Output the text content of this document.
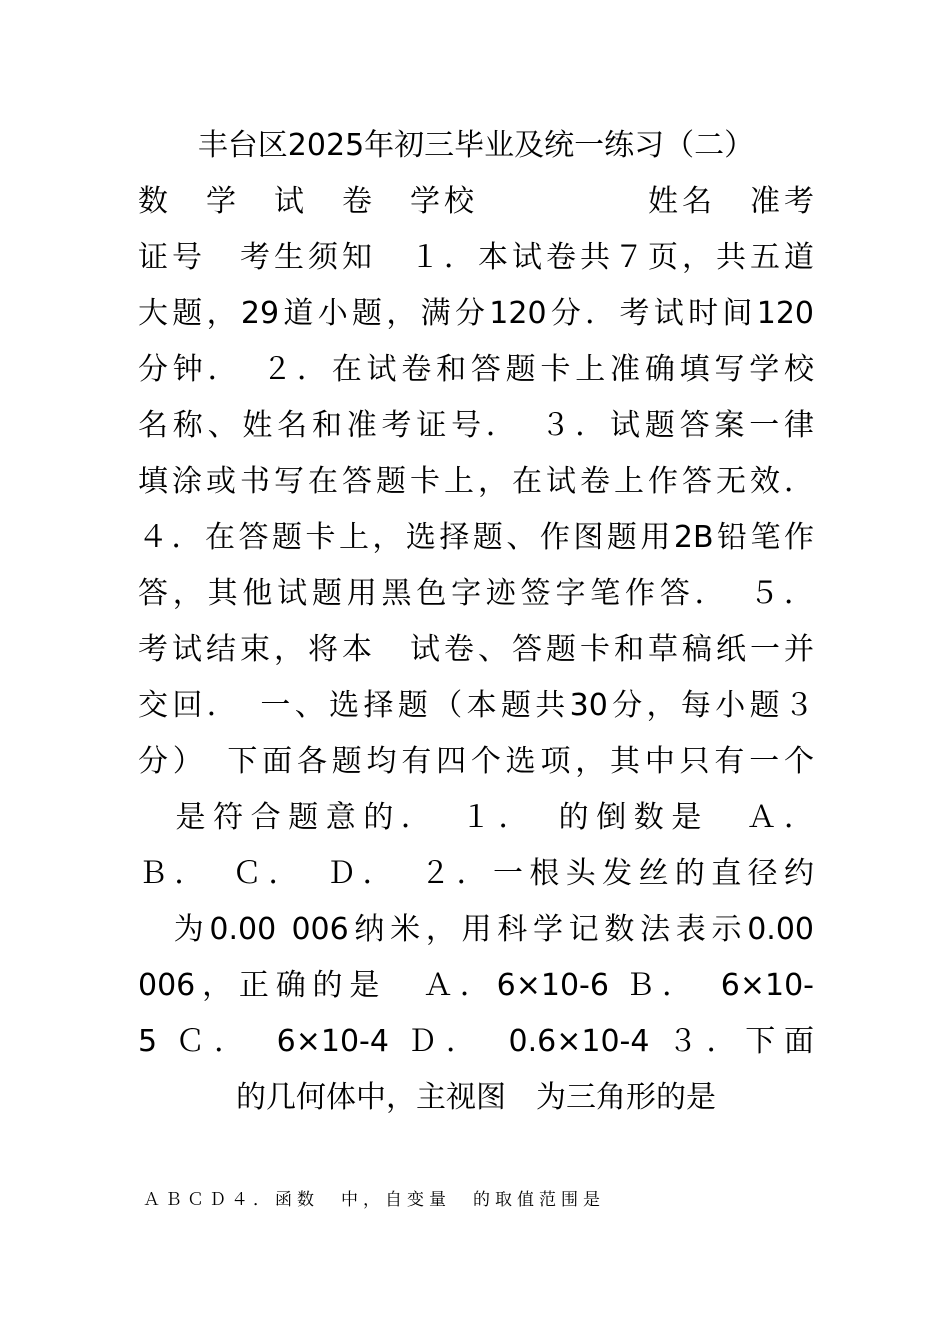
丰台区2025年初三毕业及统一练习（二）
数　学　试　卷　学校　　　　　姓名　准考
证号　考生须知　１．本试卷共７页，共五道
大题，29道小题，满分120分．考试时间120
分钟．　２．在试卷和答题卡上准确填写学校
名称、姓名和准考证号．　３．试题答案一律
填涂或书写在答题卡上，在试卷上作答无效．
４．在答题卡上，选择题、作图题用2B铅笔作
答，其他试题用黑色字迹签字笔作答．　５．
考试结束，将本　试卷、答题卡和草稿纸一并
交回．　一、选择题（本题共30分，每小题３
分）　下面各题均有四个选项，其中只有一个
　是符合题意的．　１．　的倒数是　Ａ．
Ｂ．　Ｃ．　Ｄ．　２．一根头发丝的直径约
　为0.00 006纳米，用科学记数法表示0.00
006，正确的是　Ａ．6×10-6 Ｂ．　6×10-
5 Ｃ．　6×10-4 Ｄ．　0.6×10-4 ３．下面
的几何体中，主视图　为三角形的是
ＡＢＣＤ４．函数　中，自变量　的取值范围是
